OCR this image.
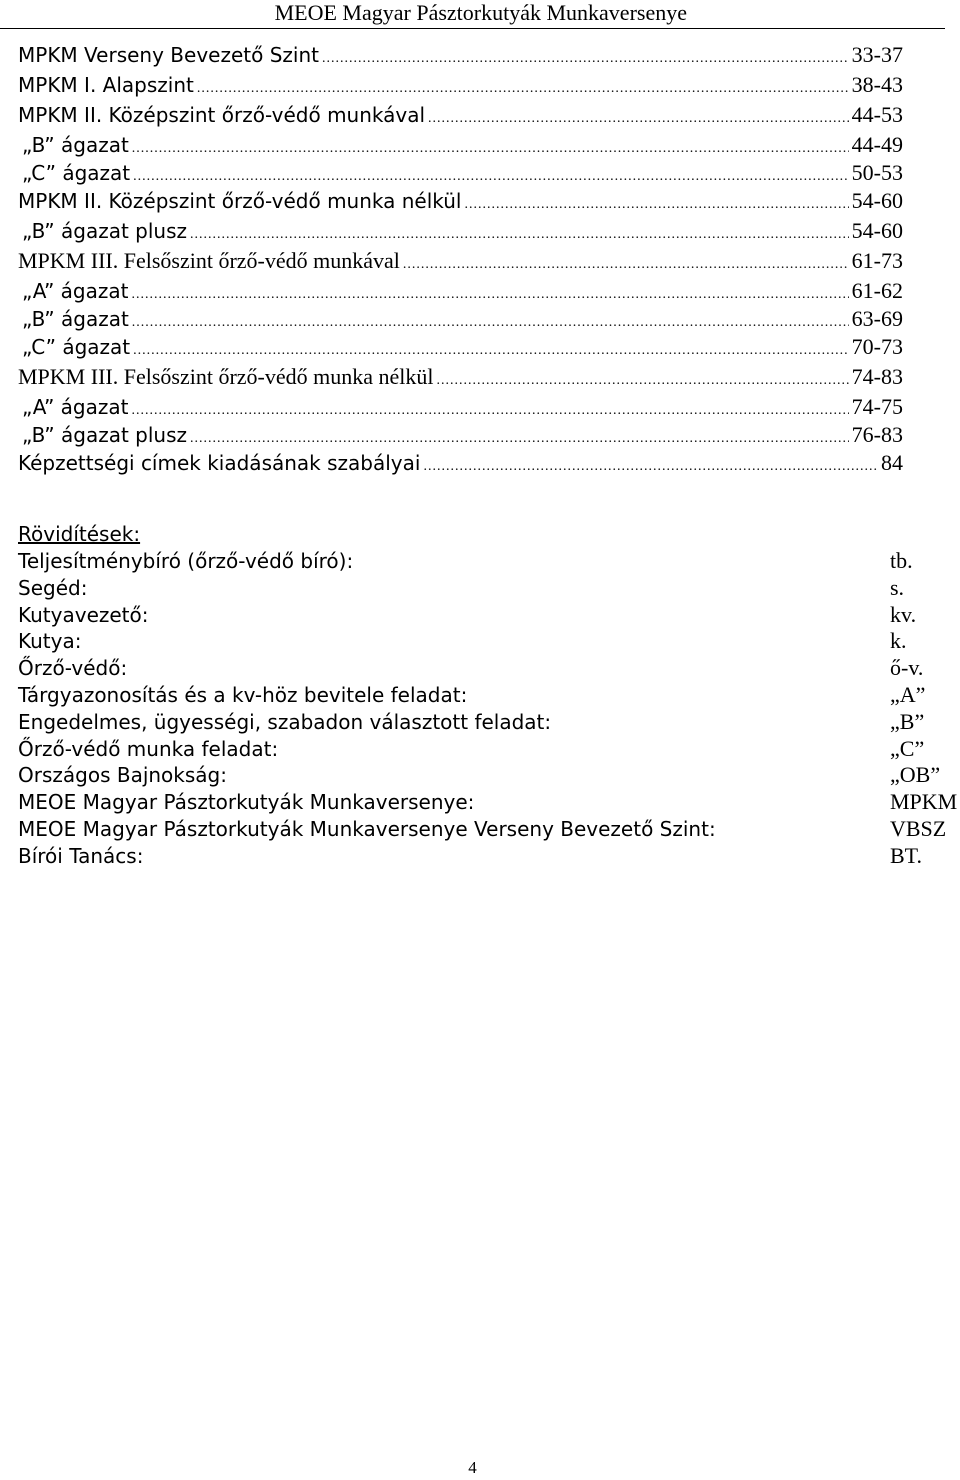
MEOE Magyar Pásztorkutyák Munkaversenye
MPKM Verseny Bevezető Szint .....	33-37
MPKM I. Alapszint .....	38-43
MPKM II. Középszint őrző-védő munkával .....	44-53
„B” ágazat .....	44-49
„C” ágazat .....	50-53
MPKM II. Középszint őrző-védő munka nélkül .....	54-60
„B” ágazat plusz .....	54-60
MPKM III. Felsőszint őrző-védő munkával .....	61-73
„A” ágazat .....	61-62
„B” ágazat .....	63-69
„C” ágazat .....	70-73
MPKM III. Felsőszint őrző-védő munka nélkül .....	74-83
„A” ágazat .....	74-75
„B” ágazat plusz .....	76-83
Képzettségi címek kiadásának szabályai .....	84
Rövidítések:
Teljesítménybíró (őrző-védő bíró):	tb.
Segéd:	s.
Kutyavezető:	kv.
Kutya:	k.
Őrző-védő:	ő-v.
Tárgyazonosítás és a kv-höz bevitele feladat:	„A”
Engedelmes, ügyességi, szabadon választott feladat:	„B”
Őrző-védő munka feladat:	„C”
Országos Bajnokság:	„OB”
MEOE Magyar Pásztorkutyák Munkaversenye:	MPKM
MEOE Magyar Pásztorkutyák Munkaversenye Verseny Bevezető Szint:	VBSZ
Bírói Tanács:	BT.
4
